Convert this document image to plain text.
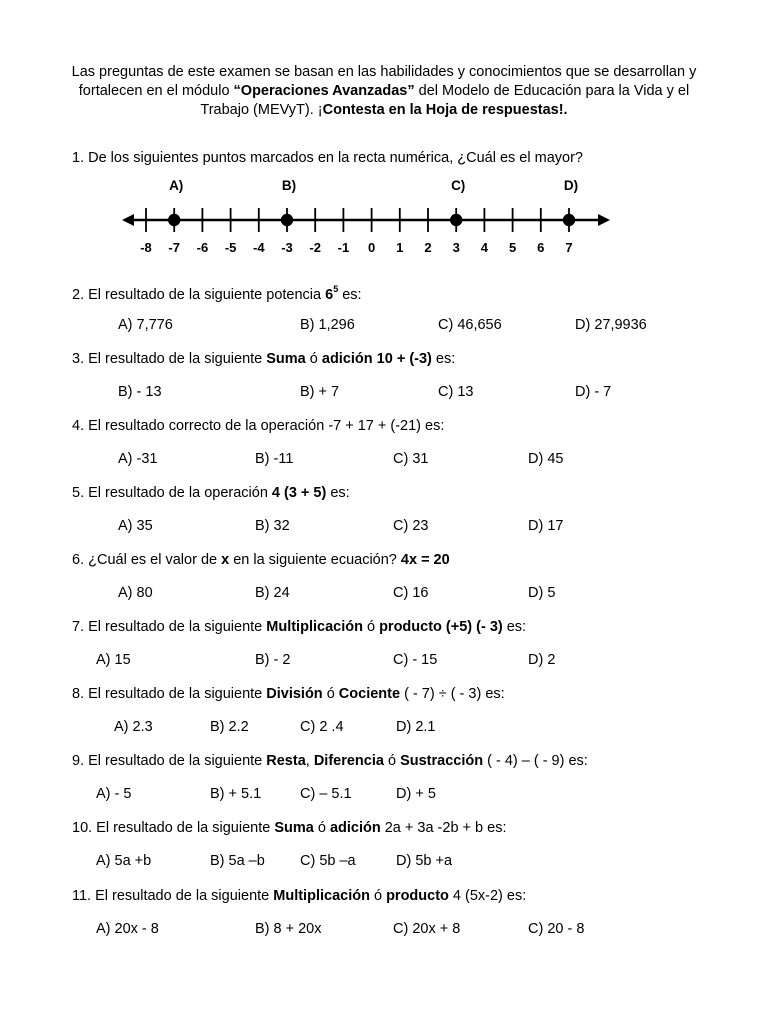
Las preguntas de este examen se basan en las habilidades y conocimientos que se desarrollan y fortalecen en el módulo “Operaciones Avanzadas” del Modelo de Educación para la Vida y el Trabajo (MEVyT). ¡Contesta en la Hoja de respuestas!.
-8 -7 -6 -5 -4 -3 -2 -1 0 1 2 3 4 5 6 7
A)	B)	C)	D)
1. De los siguientes puntos marcados en la recta numérica, ¿Cuál es el mayor?
2. El resultado de la siguiente potencia $6^5$ es:
A) 7,776	B) 1,296	C) 46,656	D) 27,9936
3. El resultado de la siguiente Suma ó adición 10 + (-3) es:
B) - 13	B) + 7	C) 13	D) - 7
4. El resultado correcto de la operación -7 + 17 + (-21) es:
A) -31	B) -11	C) 31	D) 45
5. El resultado de la operación 4 (3 + 5) es:
A) 35	B) 32	C) 23	D) 17
6. ¿Cuál es el valor de x en la siguiente ecuación? 4x = 20
A) 80	B) 24	C) 16	D) 5
7. El resultado de la siguiente Multiplicación ó producto (+5) (- 3) es:
A) 15	B) - 2	C) - 15	D) 2
8. El resultado de la siguiente División ó Cociente ( - 7) ÷ ( - 3) es:
A) 2.3	B) 2.2	C) 2 .4	D) 2.1
9. El resultado de la siguiente Resta, Diferencia ó Sustracción ( - 4) – ( - 9) es:
A) - 5	B) + 5.1	C) – 5.1	D) + 5
10. El resultado de la siguiente Suma ó adición 2a + 3a -2b + b es:
A) 5a +b	B) 5a –b C) 5b –a	D) 5b +a
11. El resultado de la siguiente Multiplicación ó producto 4 (5x-2) es:
A) 20x - 8	B) 8 + 20x	C) 20x + 8	C) 20 - 8
